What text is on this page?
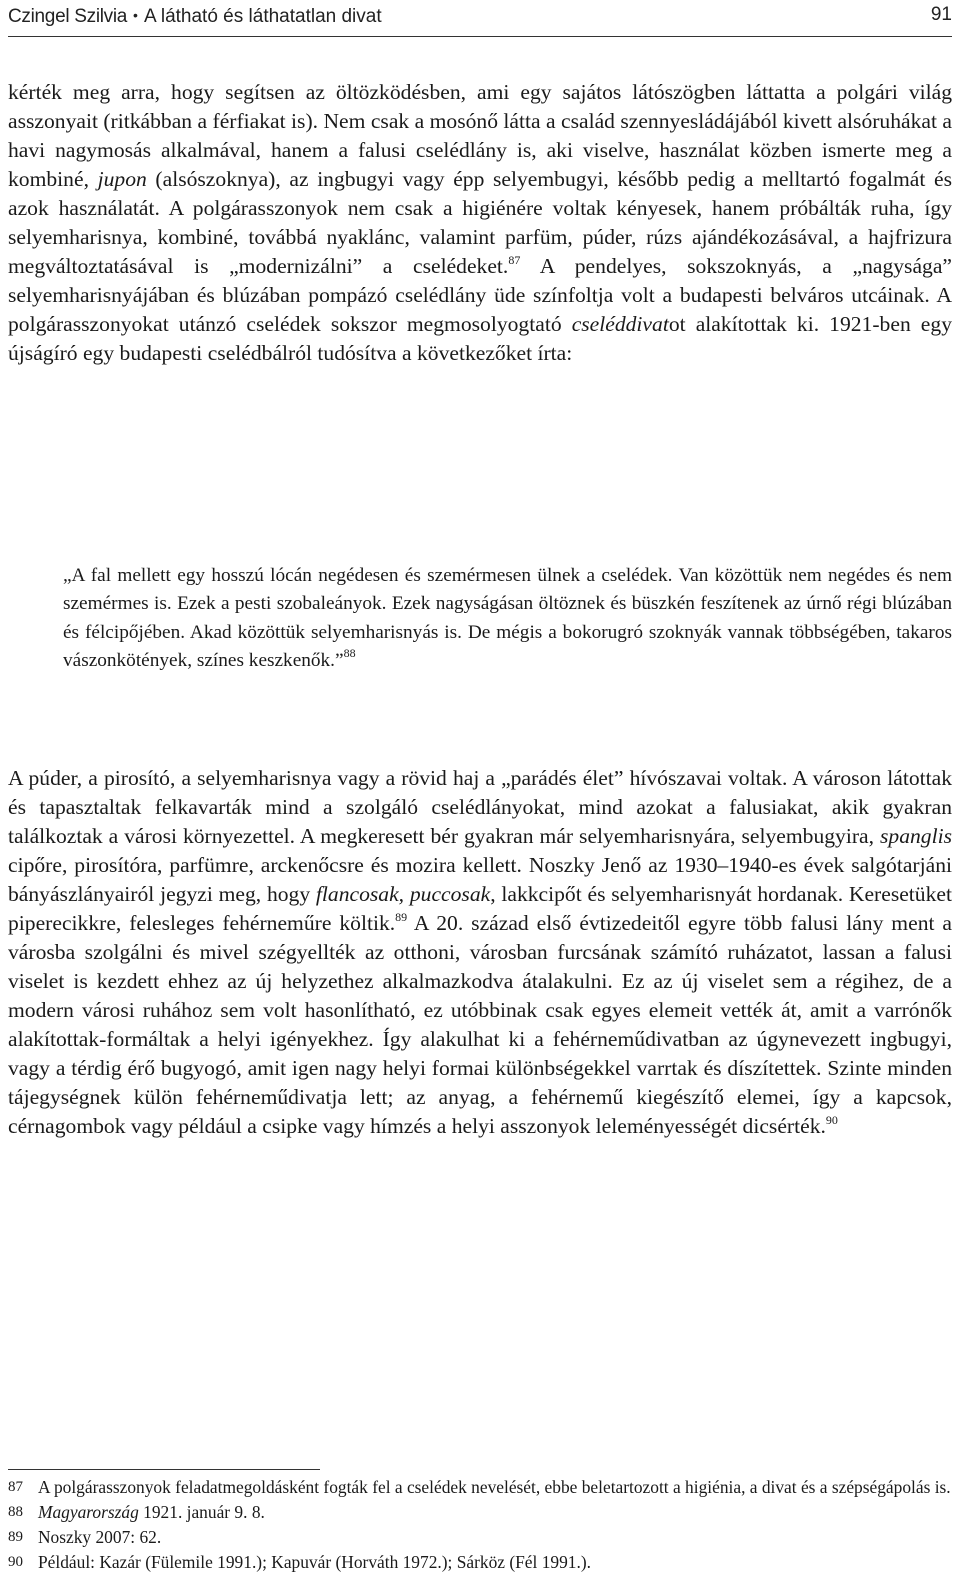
Czingel Szilvia • A látható és láthatatlan divat	91

kérték meg arra, hogy segítsen az öltözködésben, ami egy sajátos látószögben láttatta a polgári világ asszonyait (ritkábban a férfiakat is). Nem csak a mosónő látta a család szennyesládájából kivett alsóruhákat a havi nagymosás alkalmával, hanem a falusi cselédlány is, aki viselve, használat közben ismerte meg a kombiné, jupon (alsószoknya), az ingbugyi vagy épp selyembugyi, később pedig a melltartó fogalmát és azok használatát. A polgárasszonyok nem csak a higiénére voltak kényesek, hanem próbálták ruha, így selyemharisnya, kombiné, továbbá nyaklánc, valamint parfüm, púder, rúzs ajándékozásával, a hajfrizura megváltoztatásával is „modernizálni” a cselédeket.$^{87}$ A pendelyes, sokszoknyás, a „nagysága” selyemharisnyájában és blúzában pompázó cselédlány üde színfoltja volt a budapesti belváros utcáinak. A polgárasszonyokat utánzó cselédek sokszor megmosolyogtató cseléddivatot alakítottak ki. 1921-ben egy újságíró egy budapesti cselédbálról tudósítva a következőket írta:

„A fal mellett egy hosszú lócán negédesen és szemérmesen ülnek a cselédek. Van közöttük nem negédes és nem szemérmes is. Ezek a pesti szobaleányok. Ezek nagyságásan öltöznek és büszkén feszítenek az úrnő régi blúzában és félcipőjében. Akad közöttük selyemharisnyás is. De mégis a bokorugró szoknyák vannak többségében, takaros vászonkötények, színes keszkenők.”$^{88}$

A púder, a pirosító, a selyemharisnya vagy a rövid haj a „parádés élet” hívószavai voltak. A városon látottak és tapasztaltak felkavarták mind a szolgáló cselédlányokat, mind azokat a falusiakat, akik gyakran találkoztak a városi környezettel. A megkeresett bér gyakran már selyemharisnyára, selyembugyira, spanglis cipőre, pirosítóra, parfümre, arckenőcsre és mozira kellett. Noszky Jenő az 1930–1940-es évek salgótarjáni bányászlányairól jegyzi meg, hogy flancosak, puccosak, lakkcipőt és selyemharisnyát hordanak. Keresetüket piperecikkre, felesleges fehérneműre költik.$^{89}$ A 20. század első évtizedeitől egyre több falusi lány ment a városba szolgálni és mivel szégyellték az otthoni, városban furcsának számító ruházatot, lassan a falusi viselet is kezdett ehhez az új helyzethez alkalmazkodva átalakulni. Ez az új viselet sem a régihez, de a modern városi ruhához sem volt hasonlítható, ez utóbbinak csak egyes elemeit vették át, amit a varrónők alakítottak-formáltak a helyi igényekhez. Így alakulhat ki a fehérneműdivatban az úgynevezett ingbugyi, vagy a térdig érő bugyogó, amit igen nagy helyi formai különbségekkel varrtak és díszítettek. Szinte minden tájegységnek külön fehérneműdivatja lett; az anyag, a fehérnemű kiegészítő elemei, így a kapcsok, cérnagombok vagy például a csipke vagy hímzés a helyi asszonyok leleményességét dicsérték.$^{90}$

87 A polgárasszonyok feladatmegoldásként fogták fel a cselédek nevelését, ebbe beletartozott a higiénia, a divat és a szépségápolás is.
88 Magyarország 1921. január 9. 8.
89 Noszky 2007: 62.
90 Például: Kazár (Fülemile 1991.); Kapuvár (Horváth 1972.); Sárköz (Fél 1991.).
